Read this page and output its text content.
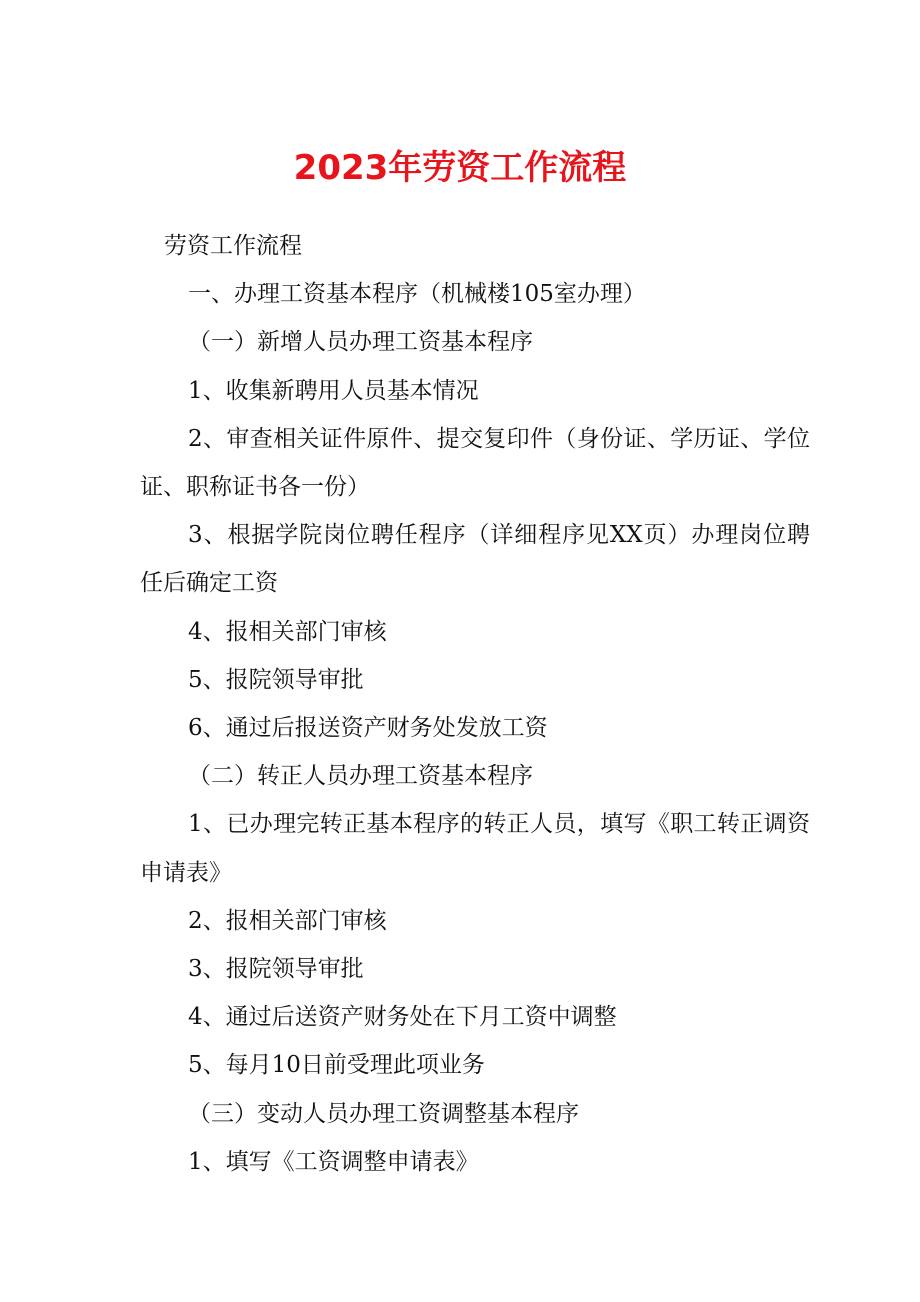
2023年劳资工作流程

劳资工作流程

一、办理工资基本程序（机械楼105室办理）

（一）新增人员办理工资基本程序

1、收集新聘用人员基本情况

2、审查相关证件原件、提交复印件（身份证、学历证、学位证、职称证书各一份）

3、根据学院岗位聘任程序（详细程序见XX页）办理岗位聘任后确定工资

4、报相关部门审核

5、报院领导审批

6、通过后报送资产财务处发放工资

（二）转正人员办理工资基本程序

1、已办理完转正基本程序的转正人员，填写《职工转正调资申请表》

2、报相关部门审核

3、报院领导审批

4、通过后送资产财务处在下月工资中调整

5、每月10日前受理此项业务

（三）变动人员办理工资调整基本程序

1、填写《工资调整申请表》
